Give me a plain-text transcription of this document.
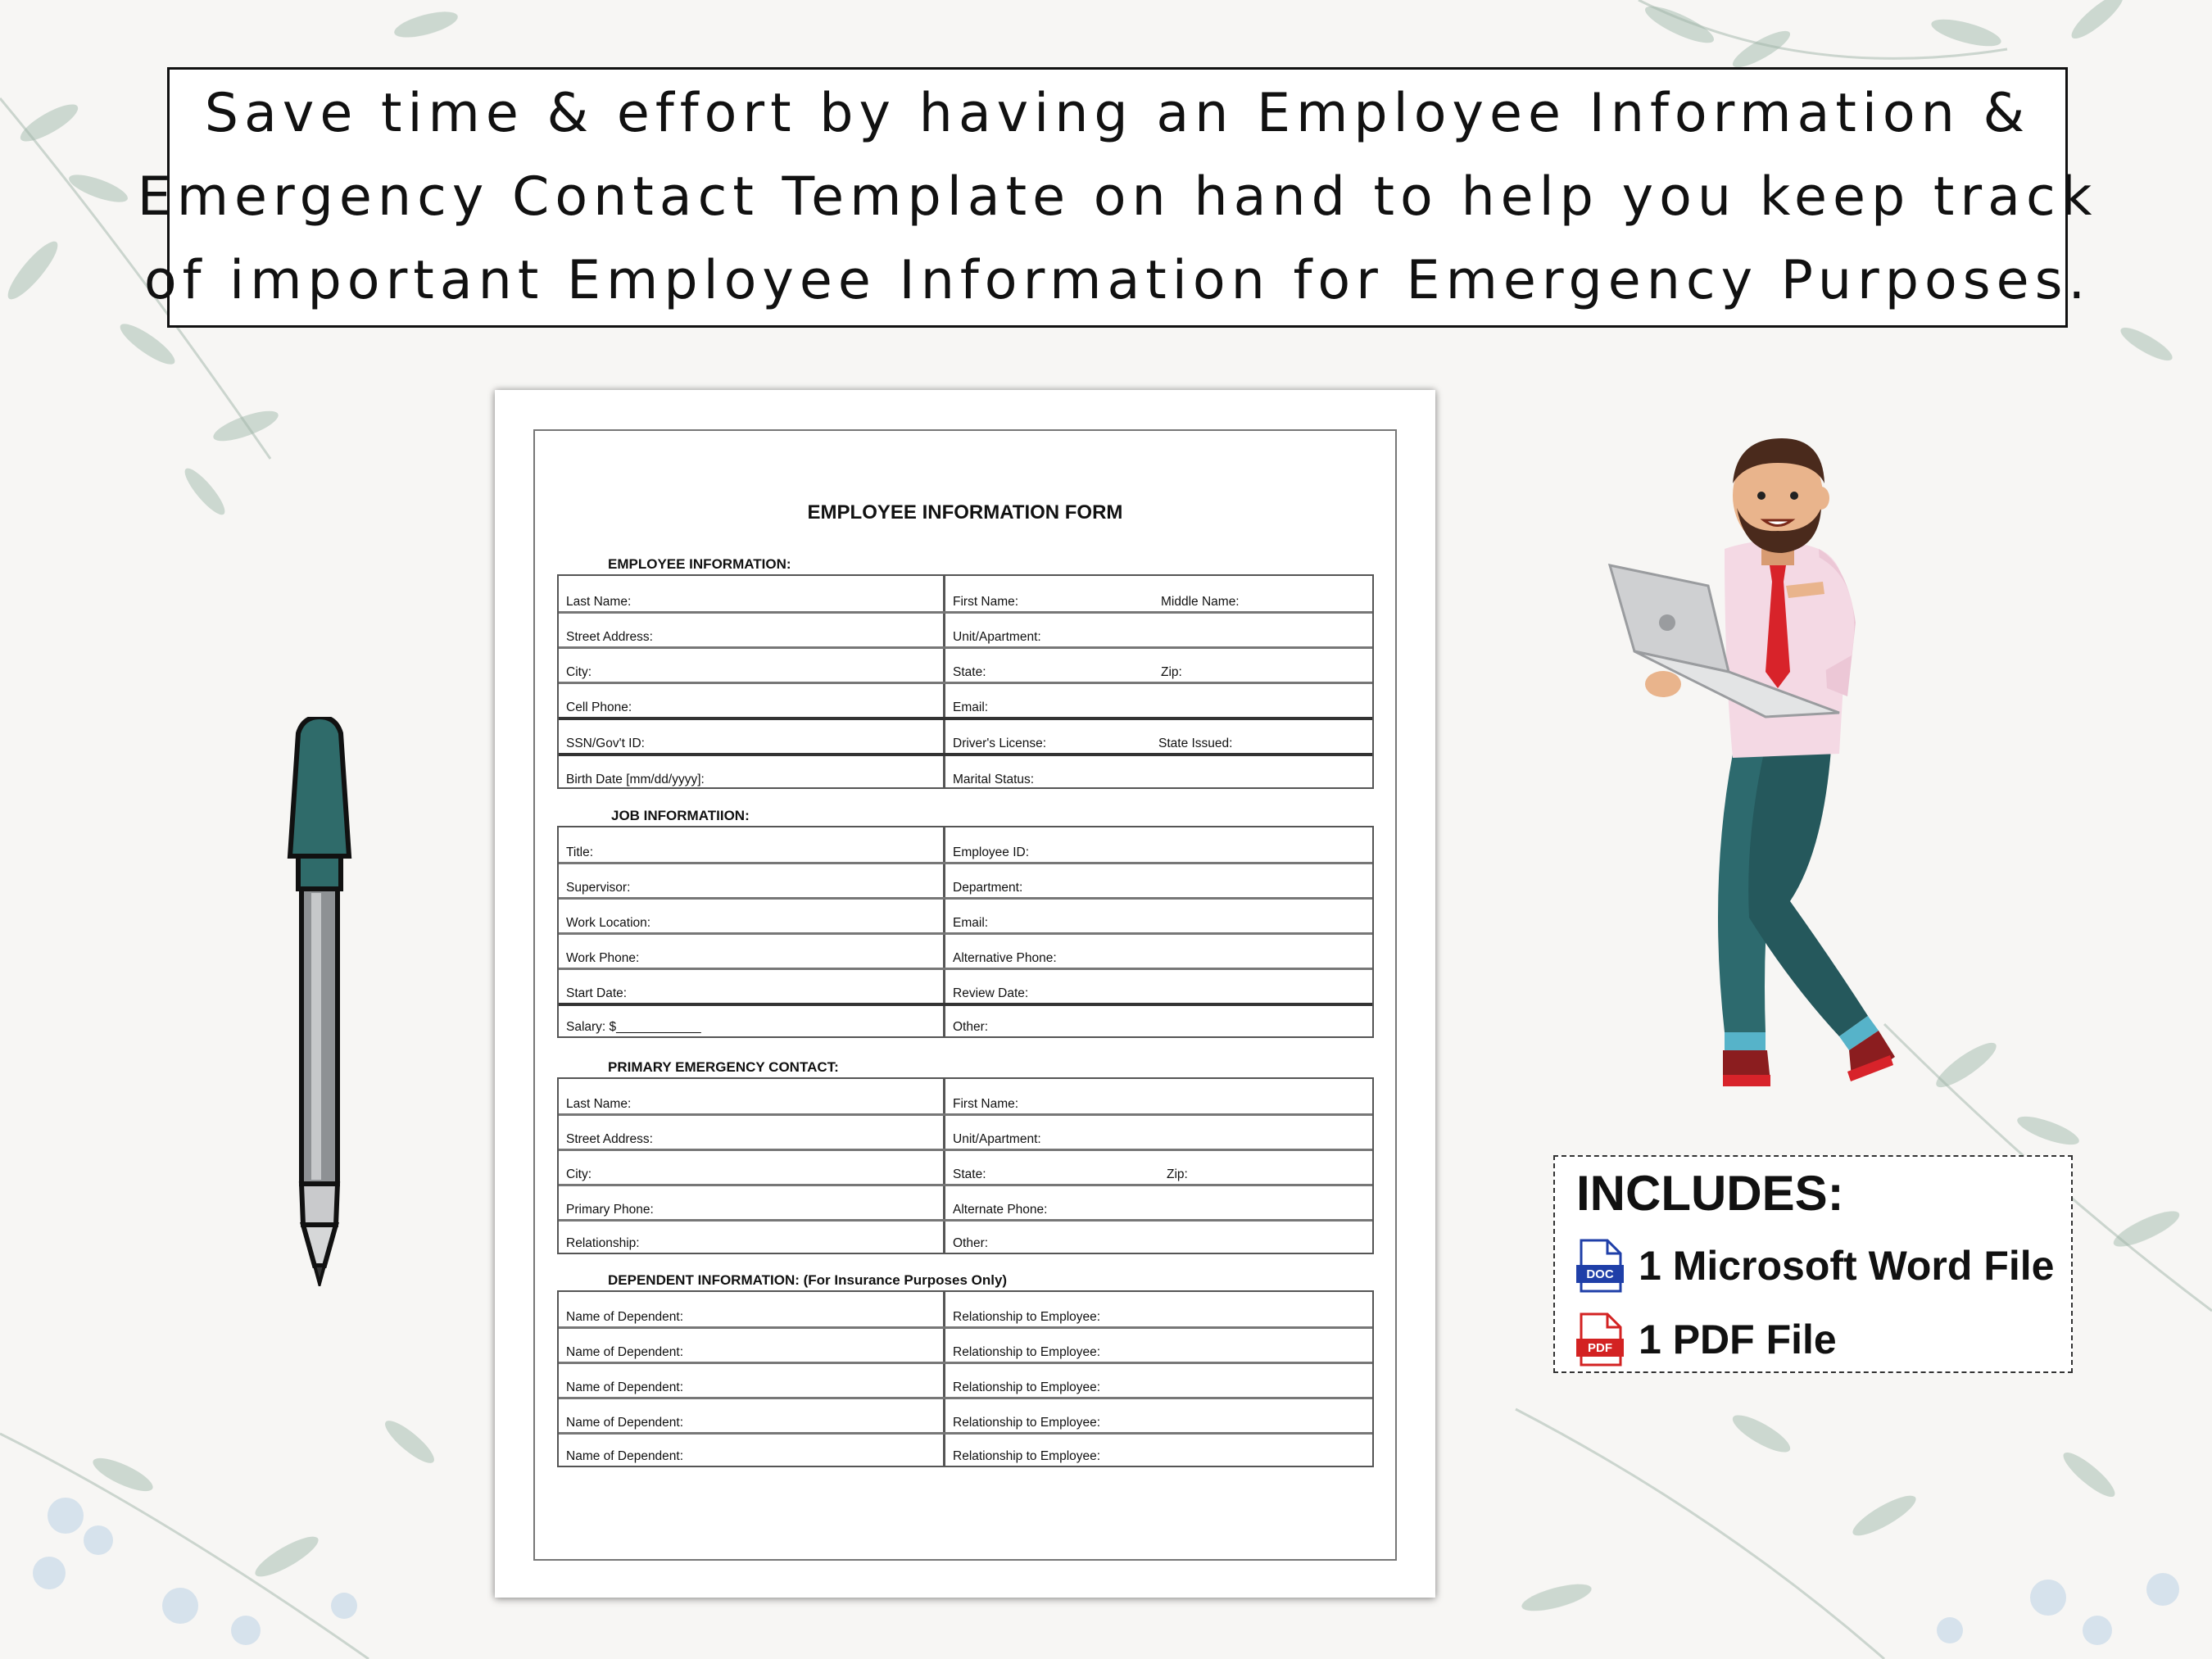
Save time & effort by having an Employee Information &
Emergency Contact Template on hand to help you keep track
of important Employee Information for Emergency Purposes.
EMPLOYEE INFORMATION FORM
EMPLOYEE INFORMATION:
Last Name:	First Name:	Middle Name:
Street Address:	Unit/Apartment:
City:	State:	Zip:
Cell Phone:	Email:
SSN/Gov't ID:	Driver's License:	State Issued:
Birth Date [mm/dd/yyyy]:	Marital Status:
JOB INFORMATIION:
Title:	Employee ID:
Supervisor:	Department:
Work Location:	Email:
Work Phone:	Alternative Phone:
Start Date:	Review Date:
Salary: $____________	Other:
PRIMARY EMERGENCY CONTACT:
Last Name:	First Name:
Street Address:	Unit/Apartment:
City:	State:	Zip:
Primary Phone:	Alternate Phone:
Relationship:	Other:
DEPENDENT INFORMATION: (For Insurance Purposes Only)
Name of Dependent:	Relationship to Employee:
Name of Dependent:	Relationship to Employee:
Name of Dependent:	Relationship to Employee:
Name of Dependent:	Relationship to Employee:
Name of Dependent:	Relationship to Employee:
INCLUDES:
DOC 1 Microsoft Word File
PDF 1 PDF File
